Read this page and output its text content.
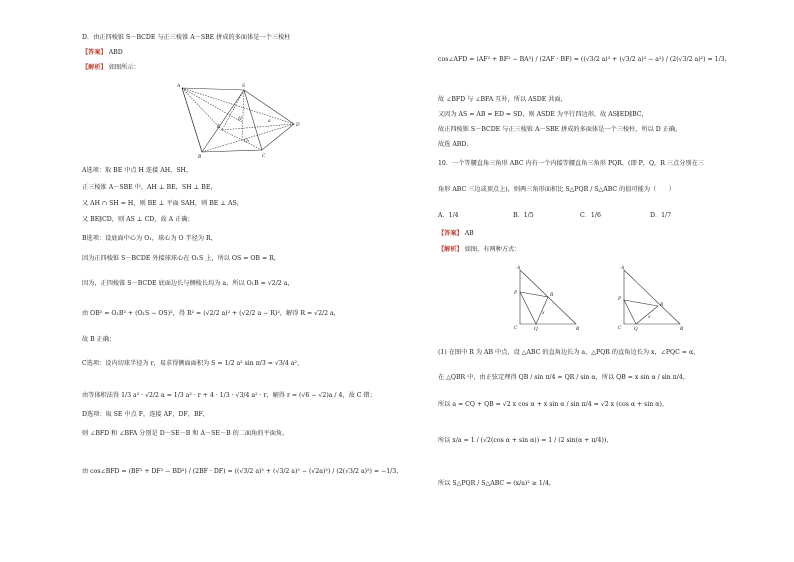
D．由正四棱锥 S－BCDE 与正三棱锥 A－SBE 拼成的多面体是一个三棱柱
【答案】 ABD
【解析】 如图所示：
A	S
B	C
D
E
H
O₁
a
A选项：取 BE 中点 H 连接 AH，SH，
正三棱锥 A－SBE 中，AH ⊥ BE，SH ⊥ BE，
又 AH ∩ SH = H，则 BE ⊥ 平面 SAH，则 BE ⊥ AS，
又 BE∥CD，则 AS ⊥ CD，故 A 正确；
B选项：设底面中心为 O₁，球心为 O 半径为 R，
因为正四棱锥 S－BCDE 外接球球心在 O₁S 上，所以 OS = OB = R，
因为，正四棱锥 S－BCDE 底面边长与侧棱长均为 a，所以 O₁B = √2/2 a，
由 OB² = O₁B² + (O₁S − OS)²，得 R² = (√2/2 a)² + (√2/2 a − R)²，解得 R = √2/2 a，
故 B 正确；
C选项：设内切球半径为 r，易求得侧面面积为 S = 1/2 a² sin π/3 = √3/4 a²，
由等体积法得 1/3 a² · √2/2 a = 1/3 a² · r + 4 · 1/3 · √3/4 a² · r，解得 r = (√6 − √2)a / 4，故 C 错；
D选项：取 SE 中点 F，连接 AF，DF，BF，
则 ∠BFD 和 ∠BFA 分别是 D－SE－B 和 A－SE－B 的二面角的平面角，
由 cos∠BFD = (BF² + DF² − BD²) / (2BF · DF) = ((√3/2 a)² + (√3/2 a)² − (√2a)²) / (2(√3/2 a)²) = −1/3，
cos∠AFD = (AF² + BF² − BA²) / (2AF · BF) = ((√3/2 a)² + (√3/2 a)² − a²) / (2(√3/2 a)²) = 1/3，
故 ∠BFD 与 ∠BFA 互补，所以 ASDE 共面，
又因为 AS = AB = ED = SD，则 ASDE 为平行四边形，故 AS∥ED∥BC，
故正四棱锥 S－BCDE 与正三棱锥 A－SBE 拼成的多面体是一个三棱柱，所以 D 正确，
故选 ABD．
10．一个等腰直角三角形 ABC 内有一个内接等腰直角三角形 PQR，(即 P，Q，R 三点分别在三
角形 ABC 三边或顶点上)，则两三角形面积比 S△PQR / S△ABC 的值可能为（　　）
A．1/4	B．1/5	C．1/6	D．1/7
【答案】 AB
【解析】 如图，有两种方式：
A
P	R
C	Q	B
x
A
P
R
C	Q	B
x
(1) 在图中 R 为 AB 中点，设 △ABC 的直角边长为 a，△PQR 的直角边长为 x，∠PQC = α，
在 △QBR 中，由正弦定理得 QB / sin π/4 = QR / sin α，所以 QB = x sin α / sin π/4，
所以 a = CQ + QB = √2 x cos α + x sin α / sin π/4 = √2 x (cos α + sin α)，
所以 x/a = 1 / (√2(cos α + sin α)) = 1 / (2 sin(α + π/4))，
所以 S△PQR / S△ABC = (x/a)² ≥ 1/4，
